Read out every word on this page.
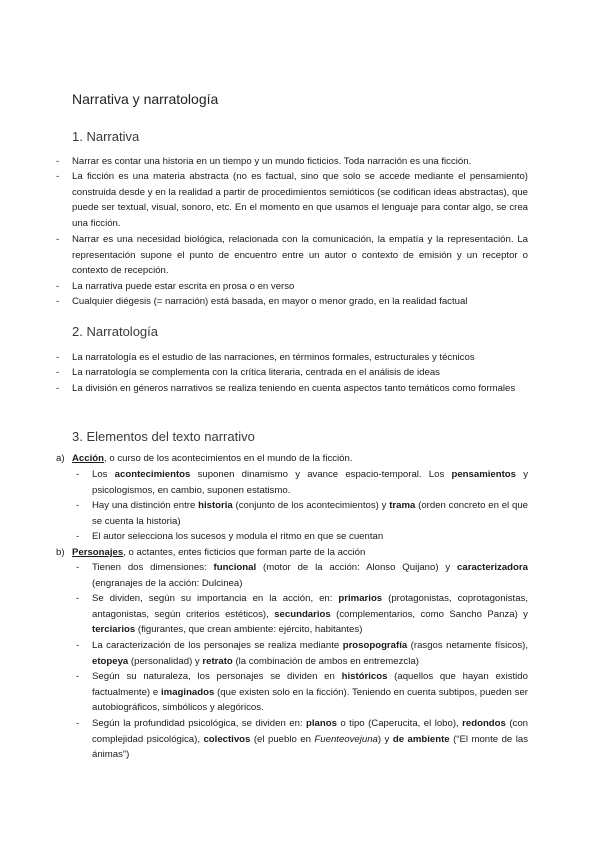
Narrativa y narratología
1. Narrativa
- Narrar es contar una historia en un tiempo y un mundo ficticios. Toda narración es una ficción.
- La ficción es una materia abstracta (no es factual, sino que solo se accede mediante el pensamiento) construida desde y en la realidad a partir de procedimientos semióticos (se codifican ideas abstractas), que puede ser textual, visual, sonoro, etc. En el momento en que usamos el lenguaje para contar algo, se crea una ficción.
- Narrar es una necesidad biológica, relacionada con la comunicación, la empatía y la representación. La representación supone el punto de encuentro entre un autor o contexto de emisión y un receptor o contexto de recepción.
- La narrativa puede estar escrita en prosa o en verso
- Cualquier diégesis (= narración) está basada, en mayor o menor grado, en la realidad factual
2. Narratología
- La narratología es el estudio de las narraciones, en términos formales, estructurales y técnicos
- La narratología se complementa con la crítica literaria, centrada en el análisis de ideas
- La división en géneros narrativos se realiza teniendo en cuenta aspectos tanto temáticos como formales
3. Elementos del texto narrativo
a) Acción, o curso de los acontecimientos en el mundo de la ficción.
- Los acontecimientos suponen dinamismo y avance espacio-temporal. Los pensamientos y psicologismos, en cambio, suponen estatismo.
- Hay una distinción entre historia (conjunto de los acontecimientos) y trama (orden concreto en el que se cuenta la historia)
- El autor selecciona los sucesos y modula el ritmo en que se cuentan
b) Personajes, o actantes, entes ficticios que forman parte de la acción
- Tienen dos dimensiones: funcional (motor de la acción: Alonso Quijano) y caracterizadora (engranajes de la acción: Dulcinea)
- Se dividen, según su importancia en la acción, en: primarios (protagonistas, coprotagonistas, antagonistas, según criterios estéticos), secundarios (complementarios, como Sancho Panza) y terciarios (figurantes, que crean ambiente: ejército, habitantes)
- La caracterización de los personajes se realiza mediante prosopografía (rasgos netamente físicos), etopeya (personalidad) y retrato (la combinación de ambos en entremezcla)
- Según su naturaleza, los personajes se dividen en históricos (aquellos que hayan existido factualmente) e imaginados (que existen solo en la ficción). Teniendo en cuenta subtipos, pueden ser autobiográficos, simbólicos y alegóricos.
- Según la profundidad psicológica, se dividen en: planos o tipo (Caperucita, el lobo), redondos (con complejidad psicológica), colectivos (el pueblo en Fuenteovejuna) y de ambiente (“El monte de las ánimas”)
